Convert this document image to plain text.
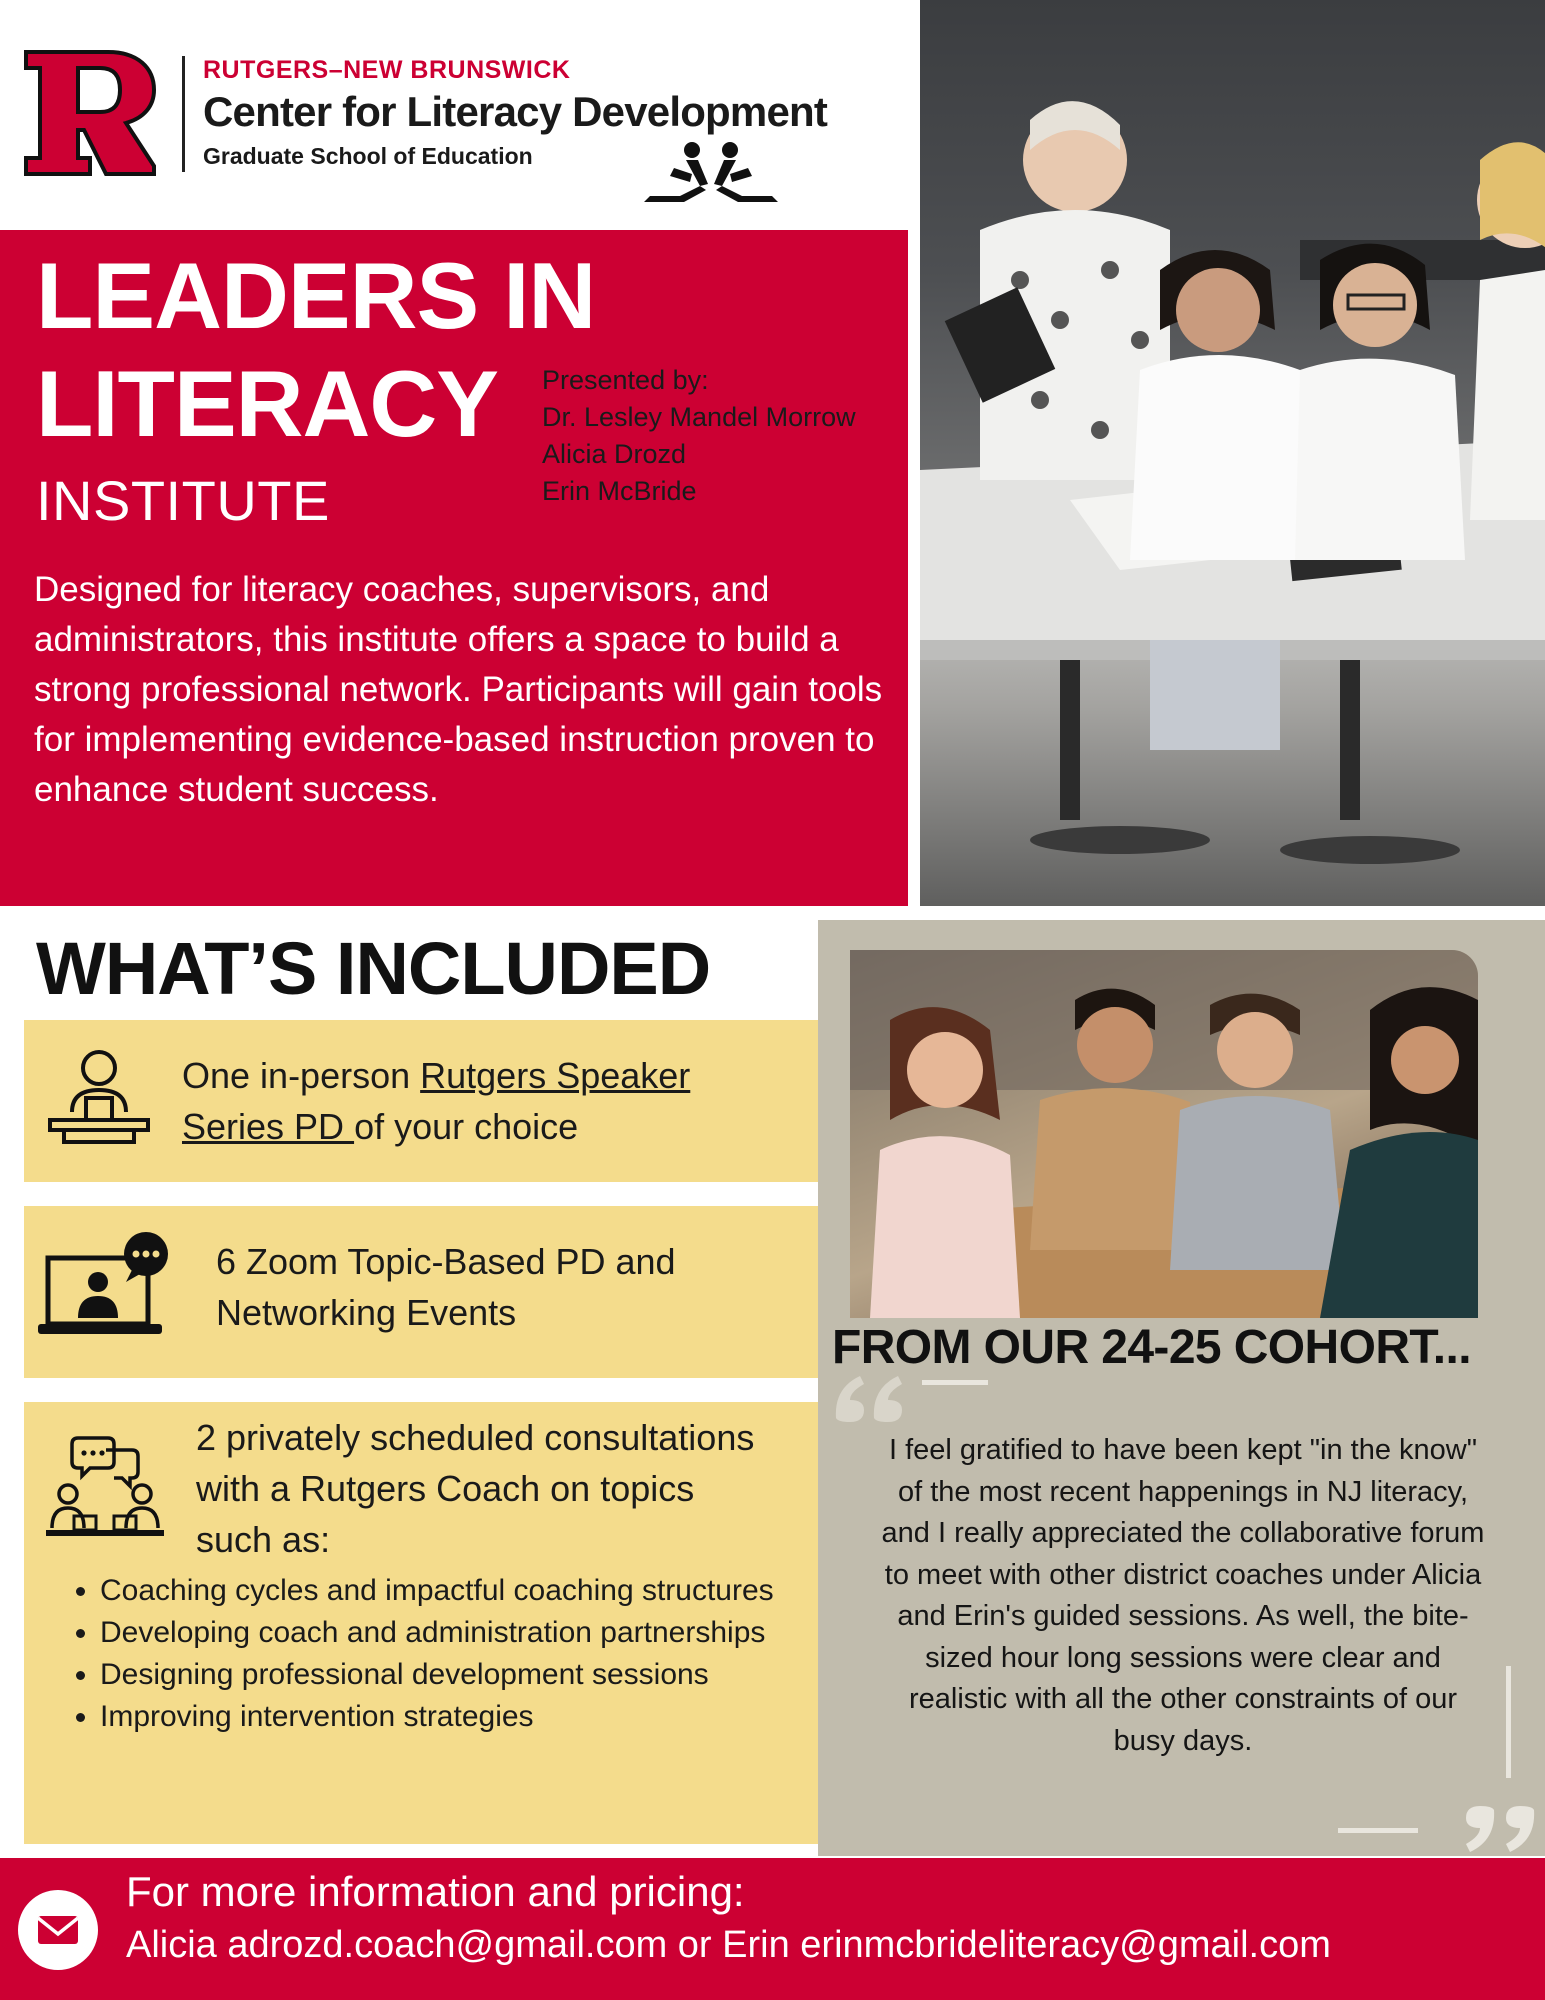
RUTGERS–NEW BRUNSWICK
Center for Literacy Development
Graduate School of Education
LEADERS IN
LITERACY
INSTITUTE
Presented by:
Dr. Lesley Mandel Morrow
Alicia Drozd
Erin McBride
Designed for literacy coaches, supervisors, and administrators, this institute offers a space to build a strong professional network. Participants will gain tools for implementing evidence-based instruction proven to enhance student success.
WHAT’S INCLUDED
One in-person Rutgers Speaker Series PD of your choice
6 Zoom Topic-Based PD and Networking Events
2 privately scheduled consultations with a Rutgers Coach on topics such as:
• Coaching cycles and impactful coaching structures
• Developing coach and administration partnerships
• Designing professional development sessions
• Improving intervention strategies
FROM OUR 24-25 COHORT...
I feel gratified to have been kept "in the know" of the most recent happenings in NJ literacy, and I really appreciated the collaborative forum to meet with other district coaches under Alicia and Erin's guided sessions. As well, the bite-sized hour long sessions were clear and realistic with all the other constraints of our busy days.
For more information and pricing:
Alicia adrozd.coach@gmail.com or Erin erinmcbrideliteracy@gmail.com
